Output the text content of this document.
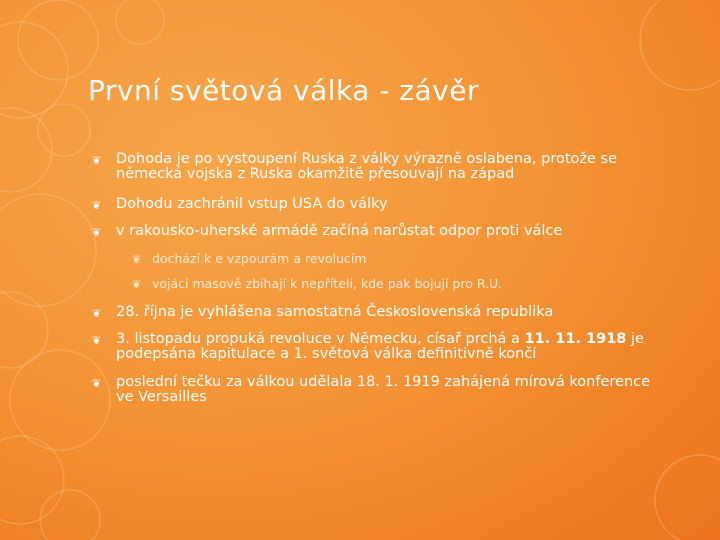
První světová válka - závěr
❦ Dohoda je po vystoupení Ruska z války výrazně oslabena, protože se německá vojska z Ruska okamžitě přesouvají na západ
❦ Dohodu zachránil vstup USA do války
❦ v rakousko-uherské armádě začíná narůstat odpor proti válce
❦ dochází k e vzpourám a revolucím
❦ vojáci masově zbíhají k nepříteli, kde pak bojují pro R.U.
❦ 28. října je vyhlášena samostatná Československá republika
❦ 3. listopadu propuká revoluce v Německu, císař prchá a 11. 11. 1918 je podepsána kapitulace a 1. světová válka definitivně končí
❦ poslední tečku za válkou udělala 18. 1. 1919 zahájená mírová konference ve Versailles
